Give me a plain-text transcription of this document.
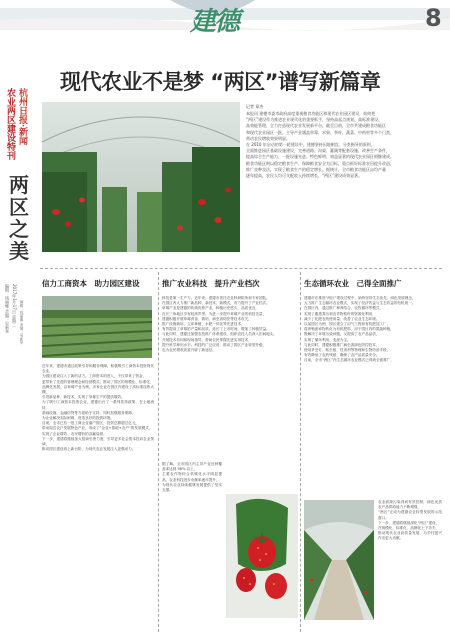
建德	8
现代农业不是梦 “两区”谱写新篇章
农业两区建设特刊 杭州日报·新闻
两区之美
编辑：钱丽娜 美编：吴新华 2017年1月17日 星期二
记者 章杰
本报讯 建德市委市政府高度重视粮食功能区和现代农业园区建设，始终把
“两区”建设作为推进农业现代化的重要抓手，坚持高起点规划、高标准建设、
高效能管理，全力打造现代农业发展新平台。截至目前，全市共建成粮食功能区
和现代农业园区一批，主导产业涵盖草莓、水果、茶叶、蔬菜、中药材等多个门类，
带动农民增收效果明显。
在 2010 年启动的第一轮建设中，建德坚持因地制宜、分类指导的原则，
全面推进园区基础设施建设，完善道路、沟渠、灌溉等配套设施，改善生产条件，
提高综合生产能力，一批设施先进、特色鲜明、效益显著的现代农业园区相继建成。
粮食功能区则以稳定粮食生产、保障粮食安全为目标，重点抓好标准农田提升改造，
推广良种良法，实现了粮食生产的稳定增长。据统计，全市粮食功能区亩均产量
逐年提高，农民人均可支配收入持续增长，“两区”建设成效显著。
信力工商资本　助力园区建设
编辑：钱丽娜 美编：吴新华
近年来，建德市通过政策引导和服务保障，积极吸引工商资本投资现代农业，
为园区建设注入了新的活力。工商资本的进入，不仅带来了资金，
更带来了先进的管理理念和经营模式，推动了园区的规模化、标准化、
品牌化发展。以草莓产业为例，多家企业在园区内建设了高标准连栋大棚，
引进新品种、新技术，实现了草莓生产的提质增效。
为了吸引工商资本投资农业，建德出台了一系列扶持政策，在土地流转、
基础设施、金融信贷等方面给予支持，同时加强服务保障，
为企业解决实际困难，营造良好的投资环境。
目前，全市已有一批工商企业落户园区，投资总额超过亿元，
带动周边农户发展特色产业，形成了“企业+基地+农户”的发展模式，
实现了企业增效、农民增收的双赢局面。
下一步，建德将继续加大招商引资力度，引导更多社会资本投向农业领域，
推动园区建设再上新台阶，为现代农业发展注入更强动力。
推广农业科技　提升产业档次
科技是第一生产力。近年来，建德市依托农业科研院所和专家团队，
在园区内大力推广新品种、新技术、新模式，有力提升了产业档次。
草莓产业是建德的传统优势产业，种植历史悠久，品质优良，
在长三角地区享有较高声誉。为进一步提升草莓产业的科技含量，
建德积极开展草莓育苗、栽培、病虫害防控等技术攻关，
推广设施栽培、立体种植、水肥一体化等先进技术，
有效提高了草莓的产量和品质，延长了上市时间，增加了种植效益。
与此同时，建德还加强农技推广体系建设，组织农技人员深入田间地头，
开展技术培训和现场指导，帮助农民掌握先进实用技术，
提升科学种田水平。科技的广泛应用，推动了园区产业转型升级，
也为农民增收致富开辟了新途径。
据了解，全市园区内主导产业良种覆盖率达到 98% 以上，
主要农作物综合机械化水平明显提高，农业科技进步贡献率逐年提升，
为现代农业持续健康发展提供了坚实支撑。
生态循环农业　己得全面推广
建德市在推进“两区”建设过程中，始终坚持生态优先、绿色发展理念，
大力推广生态循环农业模式，实现了经济效益与生态效益的有机统一。
在园区内，通过推广种养结合、农牧循环等模式，
实现了畜禽粪污和农作物秸秆的资源化利用，
减少了化肥农药使用量，改善了农业生态环境。
以某园区为例，园区建立了沼气工程和有机肥加工厂，
将养殖废弃物转化为有机肥料，用于园区内的果蔬种植，
既解决了环境污染问题，又提高了农产品品质，
实现了循环利用、变废为宝。
与此同时，建德积极推广病虫害绿色防控技术，
使用杀虫灯、粘虫板、性诱剂等物理和生物防治手段，
有效降低了农药残留，确保了农产品质量安全。
目前，全市“两区”内生态循环农业模式已得到全面推广，
农业面源污染得到有效控制，绿色优质农产品供给能力不断增强，
“两区”正成为建德农业转型发展的示范窗口。
下一步，建德将继续深化“两区”建设，
在规模化、标准化、品牌化上下功夫，
推动现代农业高质量发展，为乡村振兴作出更大贡献。
